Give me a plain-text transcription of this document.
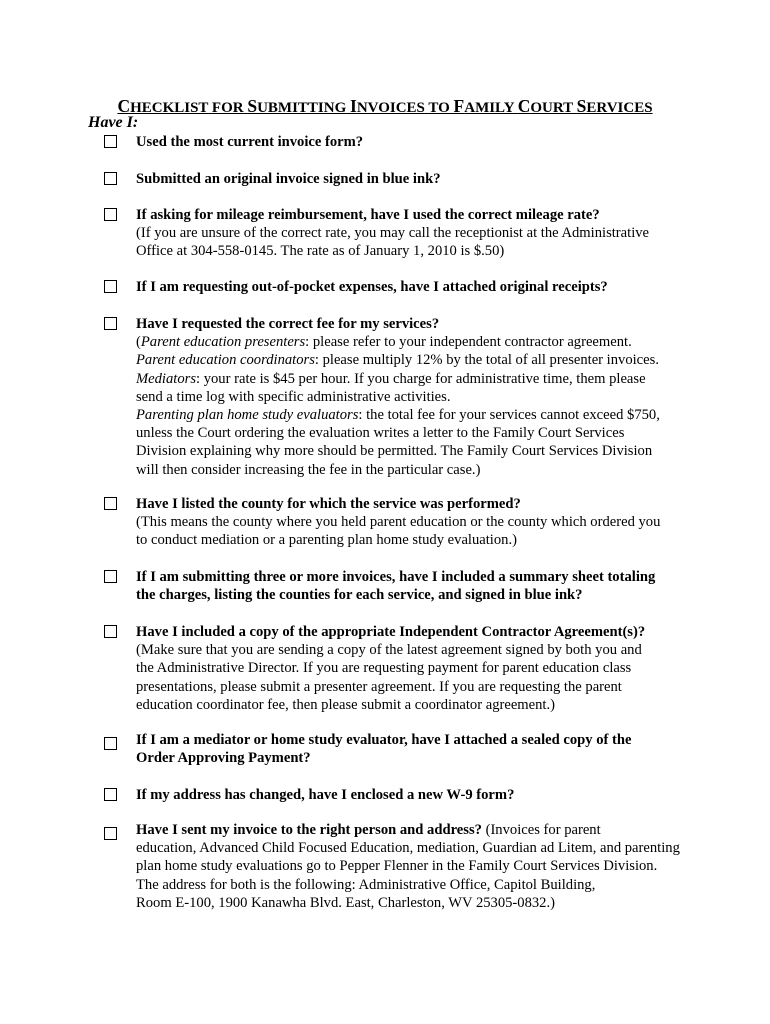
CHECKLIST FOR SUBMITTING INVOICES TO FAMILY COURT SERVICES
Have I:
Used the most current invoice form?
Submitted an original invoice signed in blue ink?
If asking for mileage reimbursement, have I used the correct mileage rate?
(If you are unsure of the correct rate, you may call the receptionist at the Administrative
Office at 304-558-0145. The rate as of January 1, 2010 is $.50)
If I am requesting out-of-pocket expenses, have I attached original receipts?
Have I requested the correct fee for my services?
(Parent education presenters: please refer to your independent contractor agreement.
Parent education coordinators: please multiply 12% by the total of all presenter invoices.
Mediators: your rate is $45 per hour. If you charge for administrative time, them please
send a time log with specific administrative activities.
Parenting plan home study evaluators: the total fee for your services cannot exceed $750,
unless the Court ordering the evaluation writes a letter to the Family Court Services
Division explaining why more should be permitted. The Family Court Services Division
will then consider increasing the fee in the particular case.)
Have I listed the county for which the service was performed?
(This means the county where you held parent education or the county which ordered you
to conduct mediation or a parenting plan home study evaluation.)
If I am submitting three or more invoices, have I included a summary sheet totaling
the charges, listing the counties for each service, and signed in blue ink?
Have I included a copy of the appropriate Independent Contractor Agreement(s)?
(Make sure that you are sending a copy of the latest agreement signed by both you and
the Administrative Director. If you are requesting payment for parent education class
presentations, please submit a presenter agreement. If you are requesting the parent
education coordinator fee, then please submit a coordinator agreement.)
If I am a mediator or home study evaluator, have I attached a sealed copy of the
Order Approving Payment?
If my address has changed, have I enclosed a new W-9 form?
Have I sent my invoice to the right person and address? (Invoices for parent
education, Advanced Child Focused Education, mediation, Guardian ad Litem, and parenting
plan home study evaluations go to Pepper Flenner in the Family Court Services Division.
The address for both is the following: Administrative Office, Capitol Building,
Room E-100, 1900 Kanawha Blvd. East, Charleston, WV 25305-0832.)
